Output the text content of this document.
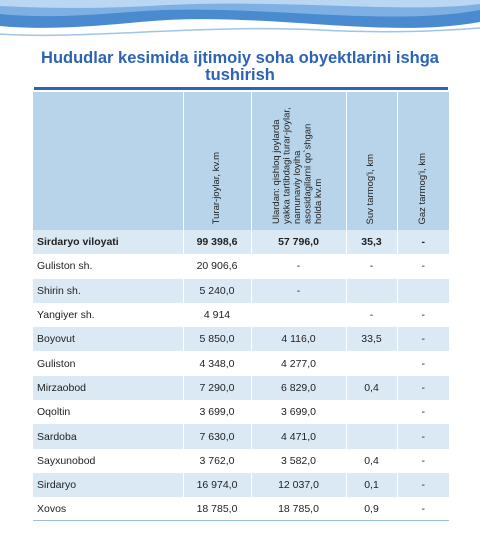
Hududlar kesimida ijtimoiy soha obyektlarini ishga tushirish

	Turar-joylar, kv.m	Ulardan: qishloq joylarda yakka tartibdagi turar-joylar, namunaviy loyiha asosidagilarni qo`shgan holda kv.m	Suv tarmog'i, km	Gaz tarmog'i, km

Sirdaryo viloyati	99 398,6	57 796,0	35,3	-
Guliston sh.	20 906,6	-	-	-
Shirin sh.	5 240,0	-		
Yangiyer sh.	4 914		-	-
Boyovut	5 850,0	4 116,0	33,5	-
Guliston	4 348,0	4 277,0		-
Mirzaobod	7 290,0	6 829,0	0,4	-
Oqoltin	3 699,0	3 699,0		-
Sardoba	7 630,0	4 471,0		-
Sayxunobod	3 762,0	3 582,0	0,4	-
Sirdaryo	16 974,0	12 037,0	0,1	-
Xovos	18 785,0	18 785,0	0,9	-
